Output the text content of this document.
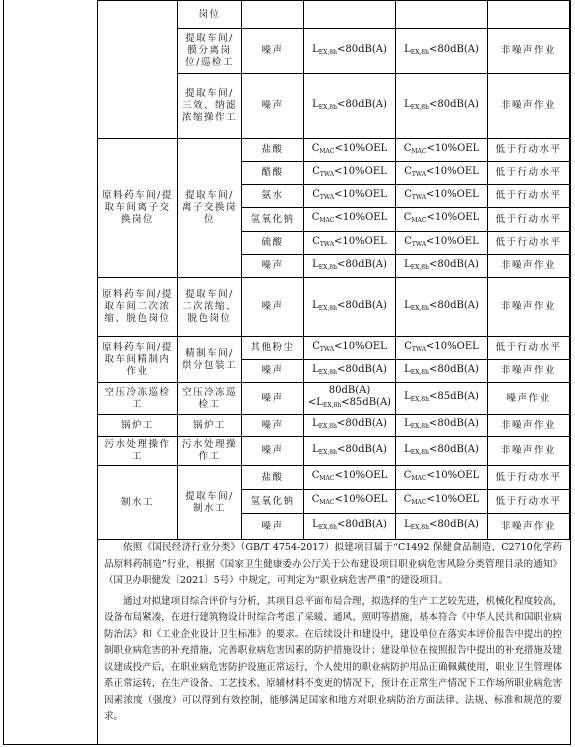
	岗位				
	提取车间/膜分离岗位/巡检工	噪声	$L_{EX,8h}<80dB(A)$	$L_{EX,8h}<80dB(A)$	非噪声作业
	提取车间/三效、纳滤浓缩操作工	噪声	$L_{EX,8h}<80dB(A)$	$L_{EX,8h}<80dB(A)$	非噪声作业
原料药车间/提取车间离子交换岗位	提取车间/离子交换岗位	盐酸	$C_{MAC}<10\%OEL$	$C_{MAC}<10\%OEL$	低于行动水平
		醋酸	$C_{TWA}<10\%OEL$	$C_{TWA}<10\%OEL$	低于行动水平
		氨水	$C_{TWA}<10\%OEL$	$C_{TWA}<10\%OEL$	低于行动水平
		氢氧化钠	$C_{MAC}<10\%OEL$	$C_{MAC}<10\%OEL$	低于行动水平
		硫酸	$C_{TWA}<10\%OEL$	$C_{TWA}<10\%OEL$	低于行动水平
		噪声	$L_{EX,8h}<80dB(A)$	$L_{EX,8h}<80dB(A)$	非噪声作业
原料药车间/提取车间二次浓缩、脱色岗位	提取车间/二次浓缩、脱色岗位	噪声	$L_{EX,8h}<80dB(A)$	$L_{EX,8h}<80dB(A)$	非噪声作业
原料药车间/提取车间精制内作业	精制车间/烘分包装工	其他粉尘	$C_{TWA}<10\%OEL$	$C_{TWA}<10\%OEL$	低于行动水平
		噪声	$L_{EX,8h}<80dB(A)$	$L_{EX,8h}<80dB(A)$	非噪声作业
空压冷冻巡检工	空压冷冻巡检工	噪声	$80dB(A)<L_{EX,8h}<85dB(A)$	$L_{EX,8h}<85dB(A)$	噪声作业
锅炉工	锅炉工	噪声	$L_{EX,8h}<80dB(A)$	$L_{EX,8h}<80dB(A)$	非噪声作业
污水处理操作工	污水处理操作工	噪声	$L_{EX,8h}<80dB(A)$	$L_{EX,8h}<80dB(A)$	非噪声作业
制水工	提取车间/制水工	盐酸	$C_{MAC}<10\%OEL$	$C_{MAC}<10\%OEL$	低于行动水平
		氢氧化钠	$C_{MAC}<10\%OEL$	$C_{MAC}<10\%OEL$	低于行动水平
		噪声	$L_{EX,8h}<80dB(A)$	$L_{EX,8h}<80dB(A)$	非噪声作业

依照《国民经济行业分类》（GB/T 4754-2017）拟建项目属于“C1492 保健食品制造、C2710化学药品原料药制造”行业，根据《国家卫生健康委办公厅关于公布建设项目职业病危害风险分类管理目录的通知》（国卫办职健发〔2021〕5号）中规定，可判定为“职业病危害严重”的建设项目。

通过对拟建项目综合评价与分析，其项目总平面布局合理，拟选择的生产工艺较先进，机械化程度较高，设备布局紧凑，在进行建筑物设计时综合考虑了采暖、通风、照明等措施，基本符合《中华人民共和国职业病防治法》和《工业企业设计卫生标准》的要求。在后续设计和建设中，建设单位在落实本评价报告中提出的控制职业病危害的补充措施，完善职业病危害因素的防护措施设计；建设单位在按照报告中提出的补充措施及建议建成投产后，在职业病危害防护设施正常运行，个人使用的职业病防护用品正确佩戴使用，职业卫生管理体系正常运转，在生产设备、工艺技术、原辅材料不变更的情况下，预计在正常生产情况下工作场所职业病危害因素浓度（强度）可以得到有效控制，能够满足国家和地方对职业病防治方面法律、法规、标准和规范的要求。
